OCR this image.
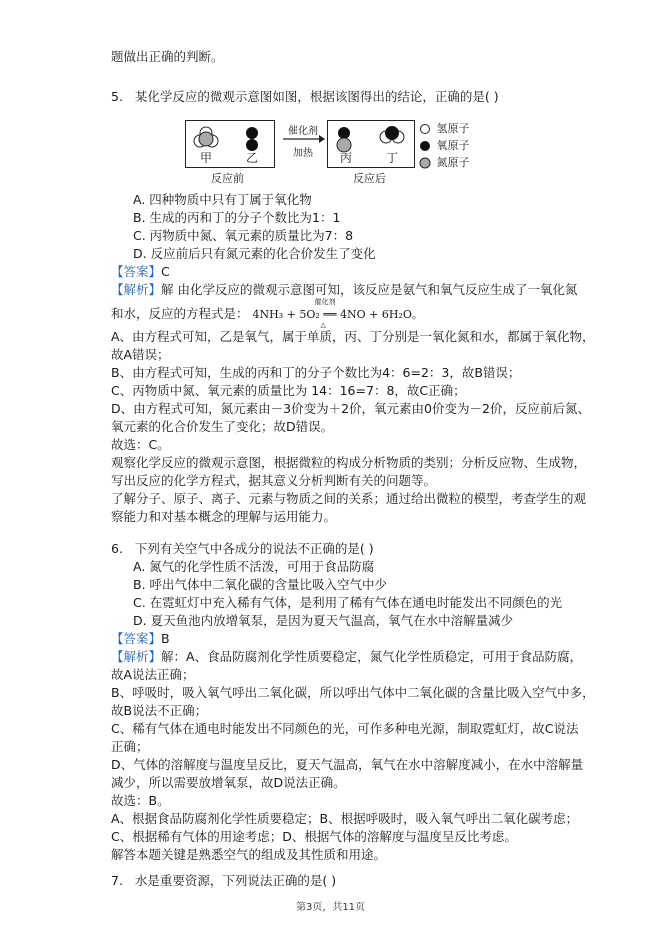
题做出正确的判断。
5. 某化学反应的微观示意图如图，根据该图得出的结论，正确的是( )
甲	乙
反应前
催化剂
加热 丙	丁
反应后
氢原子
氧原子
氮原子
A. 四种物质中只有丁属于氧化物
B. 生成的丙和丁的分子个数比为1：1
C. 丙物质中氮、氧元素的质量比为7：8
D. 反应前后只有氮元素的化合价发生了变化
【答案】C
【解析】解 由化学反应的微观示意图可知，该反应是氨气和氧气反应生成了一氧化氮
和水，反应的方程式是：
催化剂
△
4NH₃ + 5O₂ ══ 4NO + 6H₂O。
A、由方程式可知，乙是氧气，属于单质，丙、丁分别是一氧化氮和水，都属于氧化物，
故A错误；
B、由方程式可知，生成的丙和丁的分子个数比为4：6=2：3，故B错误；
C、丙物质中氮、氧元素的质量比为 14：16=7：8，故C正确；
D、由方程式可知，氮元素由－3价变为＋2价，氧元素由0价变为－2价，反应前后氮、
氧元素的化合价发生了变化；故D错误。
故选：C。
观察化学反应的微观示意图，根据微粒的构成分析物质的类别；分析反应物、生成物，
写出反应的化学方程式，据其意义分析判断有关的问题等。
了解分子、原子、离子、元素与物质之间的关系；通过给出微粒的模型，考查学生的观
察能力和对基本概念的理解与运用能力。
6. 下列有关空气中各成分的说法不正确的是( )
A. 氮气的化学性质不活泼，可用于食品防腐
B. 呼出气体中二氧化碳的含量比吸入空气中少
C. 在霓虹灯中充入稀有气体，是利用了稀有气体在通电时能发出不同颜色的光
D. 夏天鱼池内放增氧泵，是因为夏天气温高，氧气在水中溶解量减少
【答案】B
【解析】解：A、食品防腐剂化学性质要稳定，氮气化学性质稳定，可用于食品防腐，
故A说法正确；
B、呼吸时，吸入氧气呼出二氧化碳，所以呼出气体中二氧化碳的含量比吸入空气中多，
故B说法不正确；
C、稀有气体在通电时能发出不同颜色的光，可作多种电光源，制取霓虹灯，故C说法
正确；
D、气体的溶解度与温度呈反比，夏天气温高，氧气在水中溶解度减小，在水中溶解量
减少，所以需要放增氧泵，故D说法正确。
故选：B。
A、根据食品防腐剂化学性质要稳定；B、根据呼吸时，吸入氧气呼出二氧化碳考虑；
C、根据稀有气体的用途考虑；D、根据气体的溶解度与温度呈反比考虑。
解答本题关键是熟悉空气的组成及其性质和用途。
7. 水是重要资源，下列说法正确的是( )
第3页，共11页
